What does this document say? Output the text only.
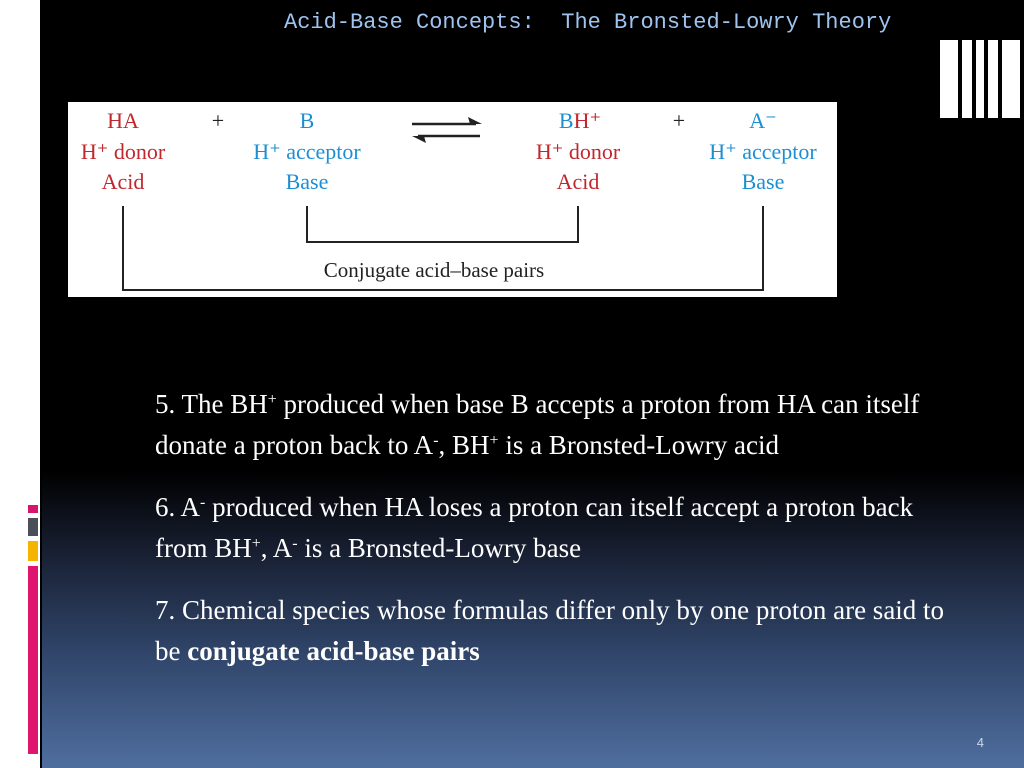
Acid-Base Concepts:  The Bronsted-Lowry Theory
HA	+	B	BH⁺	+	A⁻
H⁺ donor	H⁺ acceptor	H⁺ donor	H⁺ acceptor
Acid	Base	Acid	Base
Conjugate acid–base pairs

5. The BH+ produced when base B accepts a proton from HA can itself donate a proton back to A-, BH+ is a Bronsted-Lowry acid

6. A- produced when HA loses a proton can itself accept a proton back from BH+, A- is a Bronsted-Lowry base

7. Chemical species whose formulas differ only by one proton are said to be conjugate acid-base pairs

4
